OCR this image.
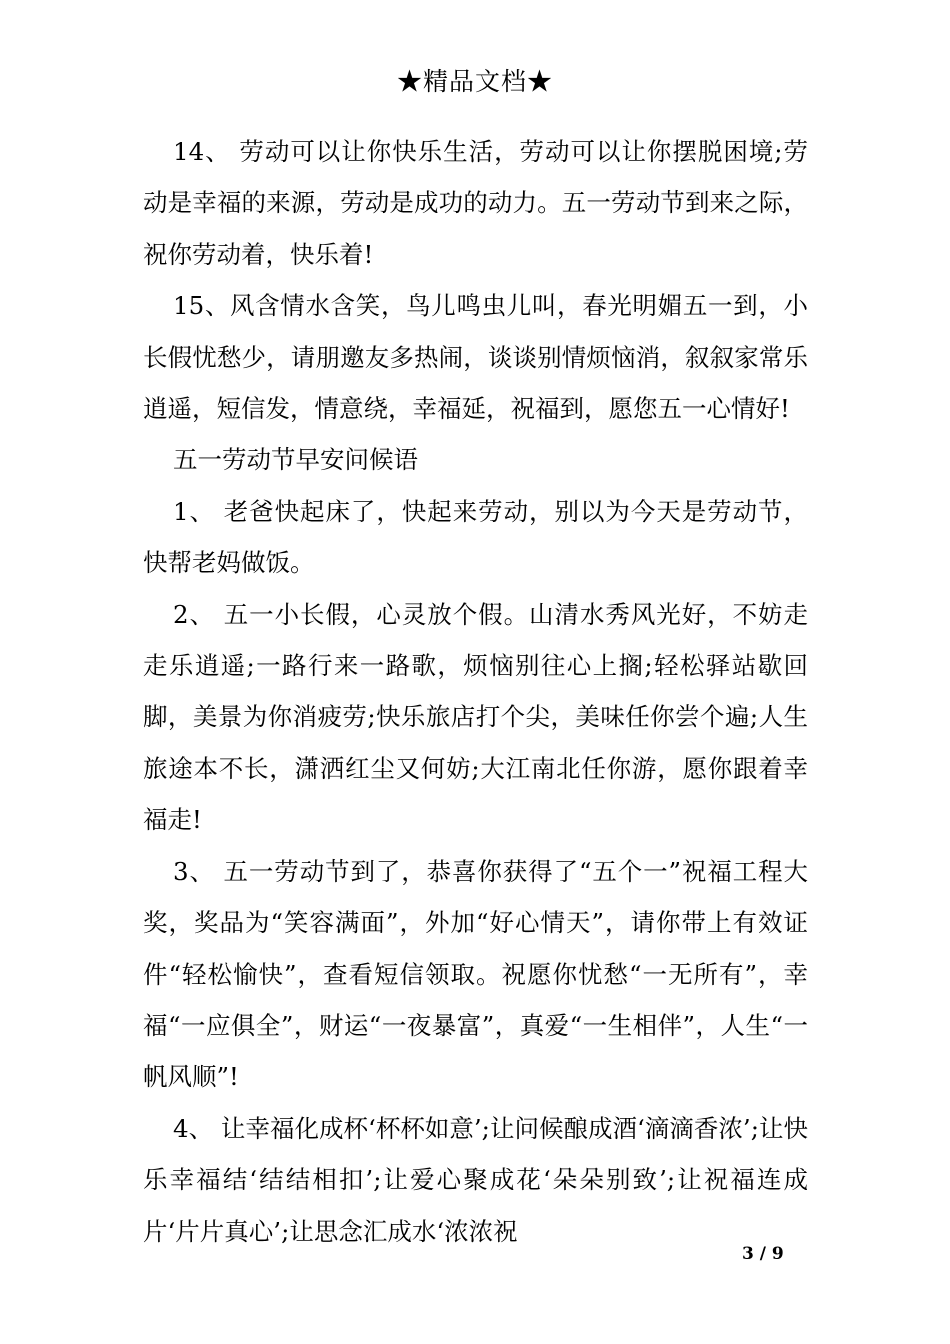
★精品文档★

14、 劳动可以让你快乐生活，劳动可以让你摆脱困境;劳动是幸福的来源，劳动是成功的动力。五一劳动节到来之际，祝你劳动着，快乐着!

15、风含情水含笑，鸟儿鸣虫儿叫，春光明媚五一到，小长假忧愁少，请朋邀友多热闹，谈谈别情烦恼消，叙叙家常乐逍遥，短信发，情意绕，幸福延，祝福到，愿您五一心情好!

五一劳动节早安问候语

1、 老爸快起床了，快起来劳动，别以为今天是劳动节，快帮老妈做饭。

2、 五一小长假，心灵放个假。山清水秀风光好，不妨走走乐逍遥;一路行来一路歌，烦恼别往心上搁;轻松驿站歇回脚，美景为你消疲劳;快乐旅店打个尖，美味任你尝个遍;人生旅途本不长，潇洒红尘又何妨;大江南北任你游，愿你跟着幸福走!

3、 五一劳动节到了，恭喜你获得了“五个一”祝福工程大奖，奖品为“笑容满面”，外加“好心情天”，请你带上有效证件“轻松愉快”，查看短信领取。祝愿你忧愁“一无所有”，幸福“一应俱全”，财运“一夜暴富”，真爱“一生相伴”，人生“一帆风顺”!

4、 让幸福化成杯‘杯杯如意’;让问候酿成酒‘滴滴香浓’;让快乐幸福结‘结结相扣’;让爱心聚成花‘朵朵别致’;让祝福连成片‘片片真心’;让思念汇成水‘浓浓祝

3 / 9
